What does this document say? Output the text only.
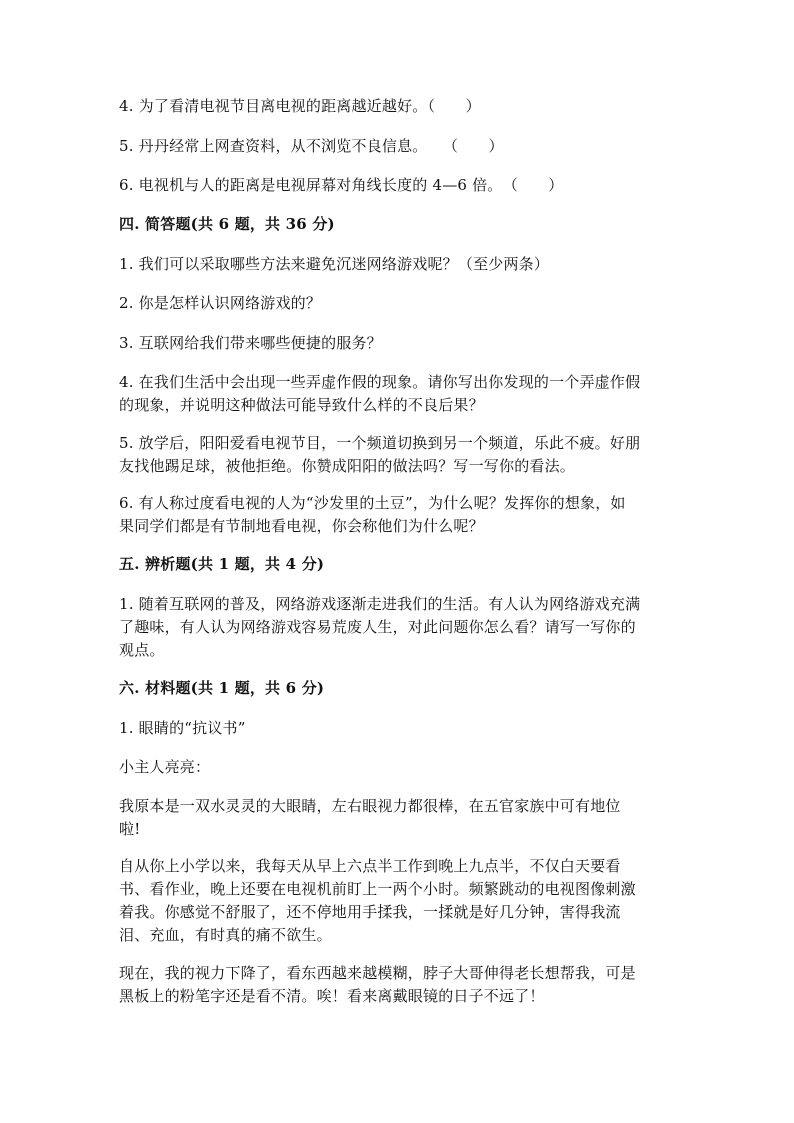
4. 为了看清电视节目离电视的距离越近越好。（　　）
5. 丹丹经常上网查资料，从不浏览不良信息。　　（　　）
6. 电视机与人的距离是电视屏幕对角线长度的 4—6 倍。　（　　）
四. 简答题(共 6 题，共 36 分)
1. 我们可以采取哪些方法来避免沉迷网络游戏呢？（至少两条）
2. 你是怎样认识网络游戏的？
3. 互联网给我们带来哪些便捷的服务？
4. 在我们生活中会出现一些弄虚作假的现象。请你写出你发现的一个弄虚作假
的现象，并说明这种做法可能导致什么样的不良后果？
5. 放学后，阳阳爱看电视节目，一个频道切换到另一个频道，乐此不疲。好朋
友找他踢足球，被他拒绝。你赞成阳阳的做法吗？写一写你的看法。
6. 有人称过度看电视的人为“沙发里的土豆”，为什么呢？发挥你的想象，如
果同学们都是有节制地看电视，你会称他们为什么呢？
五. 辨析题(共 1 题，共 4 分)
1. 随着互联网的普及，网络游戏逐渐走进我们的生活。有人认为网络游戏充满
了趣味，有人认为网络游戏容易荒废人生，对此问题你怎么看？请写一写你的
观点。
六. 材料题(共 1 题，共 6 分)
1. 眼睛的“抗议书”
小主人亮亮：
我原本是一双水灵灵的大眼睛，左右眼视力都很棒，在五官家族中可有地位
啦!
自从你上小学以来，我每天从早上六点半工作到晚上九点半，不仅白天要看
书、看作业，晚上还要在电视机前盯上一两个小时。频繁跳动的电视图像刺激
着我。你感觉不舒服了，还不停地用手揉我，一揉就是好几分钟，害得我流
泪、充血，有时真的痛不欲生。
现在，我的视力下降了，看东西越来越模糊，脖子大哥伸得老长想帮我，可是
黑板上的粉笔字还是看不清。唉！看来离戴眼镜的日子不远了！
